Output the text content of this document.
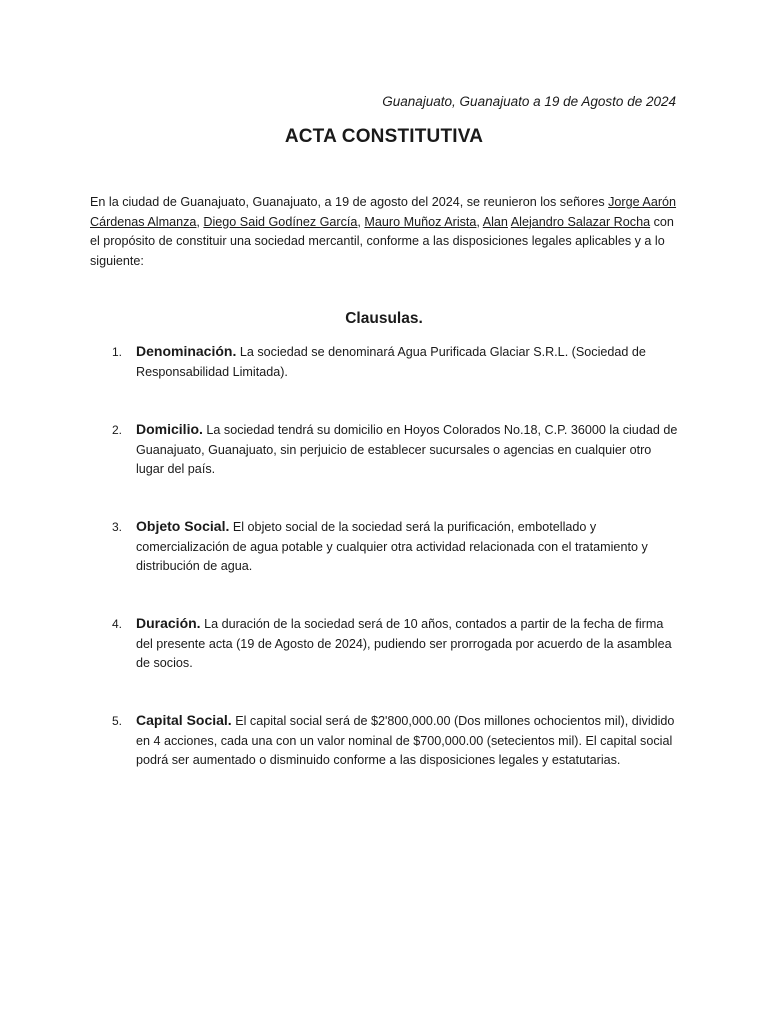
Guanajuato, Guanajuato a 19 de Agosto de 2024
ACTA CONSTITUTIVA

En la ciudad de Guanajuato, Guanajuato, a 19 de agosto del 2024, se reunieron los señores Jorge Aarón Cárdenas Almanza, Diego Said Godínez García, Mauro Muñoz Arista, Alan Alejandro Salazar Rocha con el propósito de constituir una sociedad mercantil, conforme a las disposiciones legales aplicables y a lo siguiente:

Clausulas.
1. Denominación. La sociedad se denominará Agua Purificada Glaciar S.R.L. (Sociedad de Responsabilidad Limitada).
2. Domicilio. La sociedad tendrá su domicilio en Hoyos Colorados No.18, C.P. 36000 la ciudad de Guanajuato, Guanajuato, sin perjuicio de establecer sucursales o agencias en cualquier otro lugar del país.
3. Objeto Social. El objeto social de la sociedad será la purificación, embotellado y comercialización de agua potable y cualquier otra actividad relacionada con el tratamiento y distribución de agua.
4. Duración. La duración de la sociedad será de 10 años, contados a partir de la fecha de firma del presente acta (19 de Agosto de 2024), pudiendo ser prorrogada por acuerdo de la asamblea de socios.
5. Capital Social. El capital social será de $2'800,000.00 (Dos millones ochocientos mil), dividido en 4 acciones, cada una con un valor nominal de $700,000.00 (setecientos mil). El capital social podrá ser aumentado o disminuido conforme a las disposiciones legales y estatutarias.
